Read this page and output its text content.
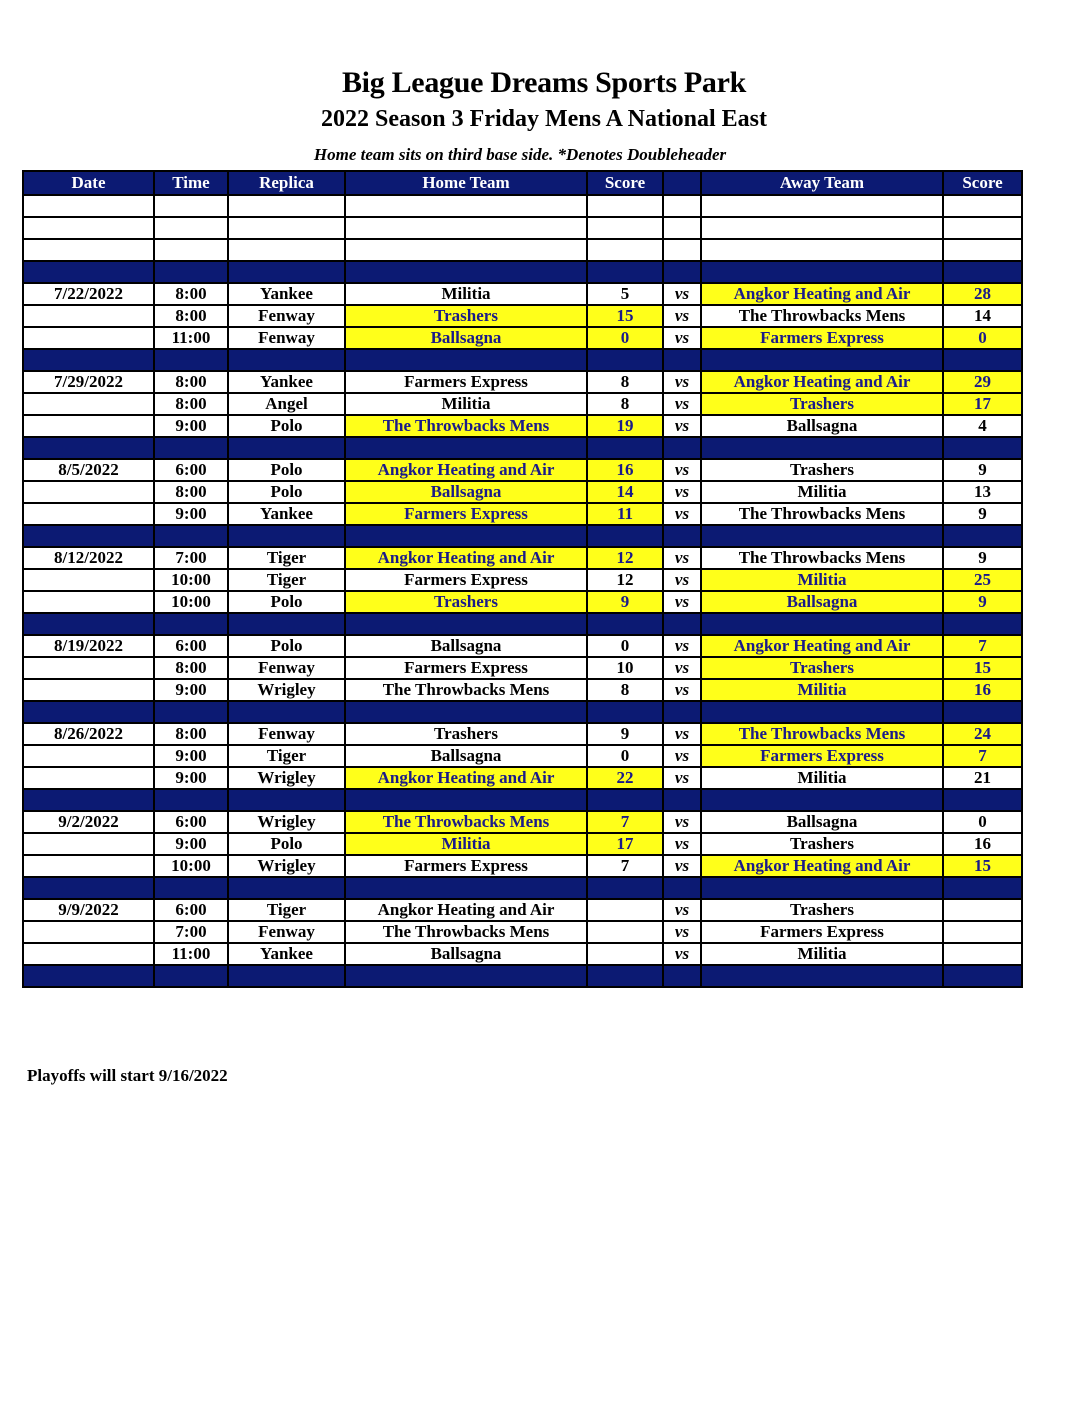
Big League Dreams Sports Park
2022 Season 3 Friday Mens A National East
Home team sits on third base side. *Denotes Doubleheader
Date	Time	Replica	Home Team	Score		Away Team	Score

7/22/2022	8:00	Yankee	Militia	5	vs	Angkor Heating and Air	28
	8:00	Fenway	Trashers	15	vs	The Throwbacks Mens	14
	11:00	Fenway	Ballsagna	0	vs	Farmers Express	0

7/29/2022	8:00	Yankee	Farmers Express	8	vs	Angkor Heating and Air	29
	8:00	Angel	Militia	8	vs	Trashers	17
	9:00	Polo	The Throwbacks Mens	19	vs	Ballsagna	4

8/5/2022	6:00	Polo	Angkor Heating and Air	16	vs	Trashers	9
	8:00	Polo	Ballsagna	14	vs	Militia	13
	9:00	Yankee	Farmers Express	11	vs	The Throwbacks Mens	9

8/12/2022	7:00	Tiger	Angkor Heating and Air	12	vs	The Throwbacks Mens	9
	10:00	Tiger	Farmers Express	12	vs	Militia	25
	10:00	Polo	Trashers	9	vs	Ballsagna	9

8/19/2022	6:00	Polo	Ballsagna	0	vs	Angkor Heating and Air	7
	8:00	Fenway	Farmers Express	10	vs	Trashers	15
	9:00	Wrigley	The Throwbacks Mens	8	vs	Militia	16

8/26/2022	8:00	Fenway	Trashers	9	vs	The Throwbacks Mens	24
	9:00	Tiger	Ballsagna	0	vs	Farmers Express	7
	9:00	Wrigley	Angkor Heating and Air	22	vs	Militia	21

9/2/2022	6:00	Wrigley	The Throwbacks Mens	7	vs	Ballsagna	0
	9:00	Polo	Militia	17	vs	Trashers	16
	10:00	Wrigley	Farmers Express	7	vs	Angkor Heating and Air	15

9/9/2022	6:00	Tiger	Angkor Heating and Air		vs	Trashers	
	7:00	Fenway	The Throwbacks Mens		vs	Farmers Express	
	11:00	Yankee	Ballsagna		vs	Militia	

Playoffs will start 9/16/2022
